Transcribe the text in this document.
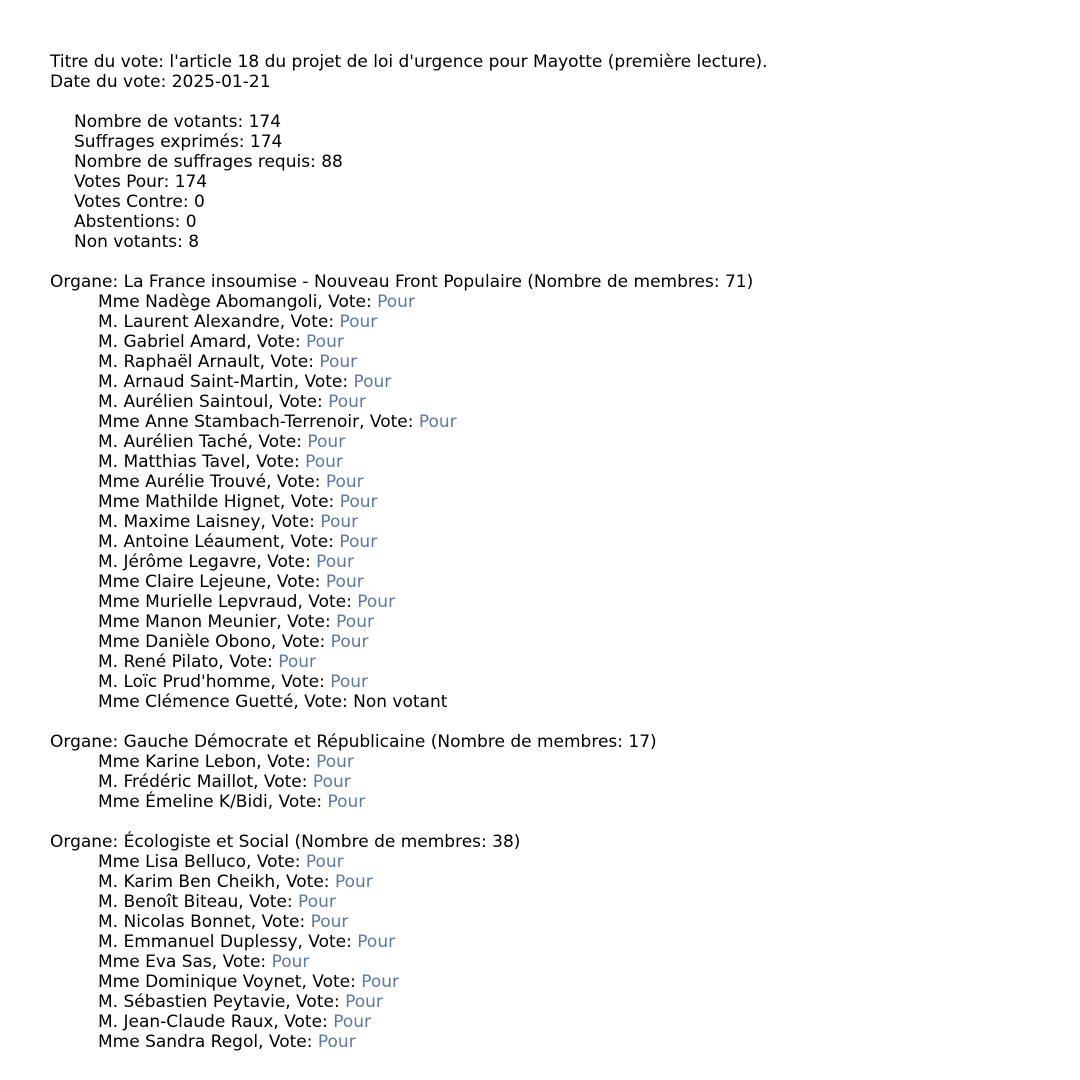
Titre du vote: l'article 18 du projet de loi d'urgence pour Mayotte (première lecture).
Date du vote: 2025-01-21
Nombre de votants: 174
Suffrages exprimés: 174
Nombre de suffrages requis: 88
Votes Pour: 174
Votes Contre: 0
Abstentions: 0
Non votants: 8
Organe: La France insoumise - Nouveau Front Populaire (Nombre de membres: 71)
Mme Nadège Abomangoli, Vote: Pour
M. Laurent Alexandre, Vote: Pour
M. Gabriel Amard, Vote: Pour
M. Raphaël Arnault, Vote: Pour
M. Arnaud Saint-Martin, Vote: Pour
M. Aurélien Saintoul, Vote: Pour
Mme Anne Stambach-Terrenoir, Vote: Pour
M. Aurélien Taché, Vote: Pour
M. Matthias Tavel, Vote: Pour
Mme Aurélie Trouvé, Vote: Pour
Mme Mathilde Hignet, Vote: Pour
M. Maxime Laisney, Vote: Pour
M. Antoine Léaument, Vote: Pour
M. Jérôme Legavre, Vote: Pour
Mme Claire Lejeune, Vote: Pour
Mme Murielle Lepvraud, Vote: Pour
Mme Manon Meunier, Vote: Pour
Mme Danièle Obono, Vote: Pour
M. René Pilato, Vote: Pour
M. Loïc Prud'homme, Vote: Pour
Mme Clémence Guetté, Vote: Non votant
Organe: Gauche Démocrate et Républicaine (Nombre de membres: 17)
Mme Karine Lebon, Vote: Pour
M. Frédéric Maillot, Vote: Pour
Mme Émeline K/Bidi, Vote: Pour
Organe: Écologiste et Social (Nombre de membres: 38)
Mme Lisa Belluco, Vote: Pour
M. Karim Ben Cheikh, Vote: Pour
M. Benoît Biteau, Vote: Pour
M. Nicolas Bonnet, Vote: Pour
M. Emmanuel Duplessy, Vote: Pour
Mme Eva Sas, Vote: Pour
Mme Dominique Voynet, Vote: Pour
M. Sébastien Peytavie, Vote: Pour
M. Jean-Claude Raux, Vote: Pour
Mme Sandra Regol, Vote: Pour
